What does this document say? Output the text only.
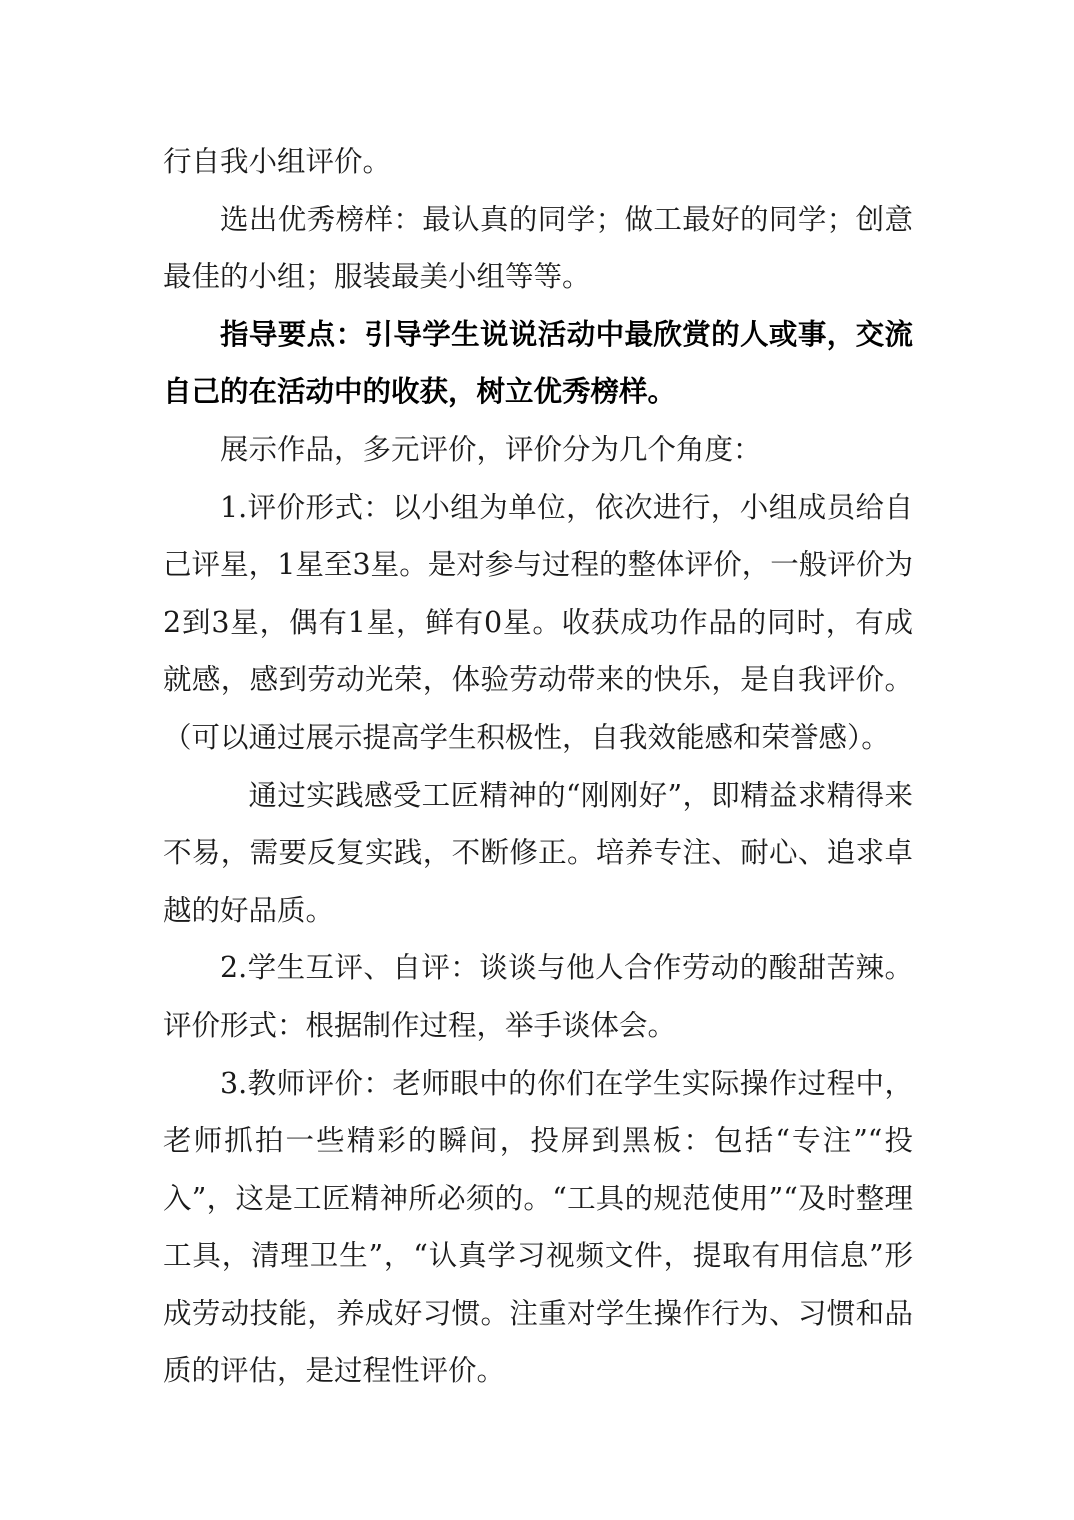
行自我小组评价。

选出优秀榜样：最认真的同学；做工最好的同学；创意最佳的小组；服装最美小组等等。

指导要点：引导学生说说活动中最欣赏的人或事，交流自己的在活动中的收获，树立优秀榜样。

展示作品，多元评价，评价分为几个角度：

1.评价形式：以小组为单位，依次进行，小组成员给自己评星，1星至3星。是对参与过程的整体评价，一般评价为2到3星，偶有1星，鲜有0星。收获成功作品的同时，有成就感，感到劳动光荣，体验劳动带来的快乐，是自我评价。 （可以通过展示提高学生积极性，自我效能感和荣誉感）。

通过实践感受工匠精神的“刚刚好”，即精益求精得来不易，需要反复实践，不断修正。培养专注、耐心、追求卓越的好品质。

2.学生互评、自评：谈谈与他人合作劳动的酸甜苦辣。评价形式：根据制作过程，举手谈体会。

3.教师评价：老师眼中的你们在学生实际操作过程中，老师抓拍一些精彩的瞬间，投屏到黑板：包括“专注”“投入”，这是工匠精神所必须的。“工具的规范使用”“及时整理工具，清理卫生”，“认真学习视频文件，提取有用信息”形成劳动技能，养成好习惯。注重对学生操作行为、习惯和品质的评估，是过程性评价。
